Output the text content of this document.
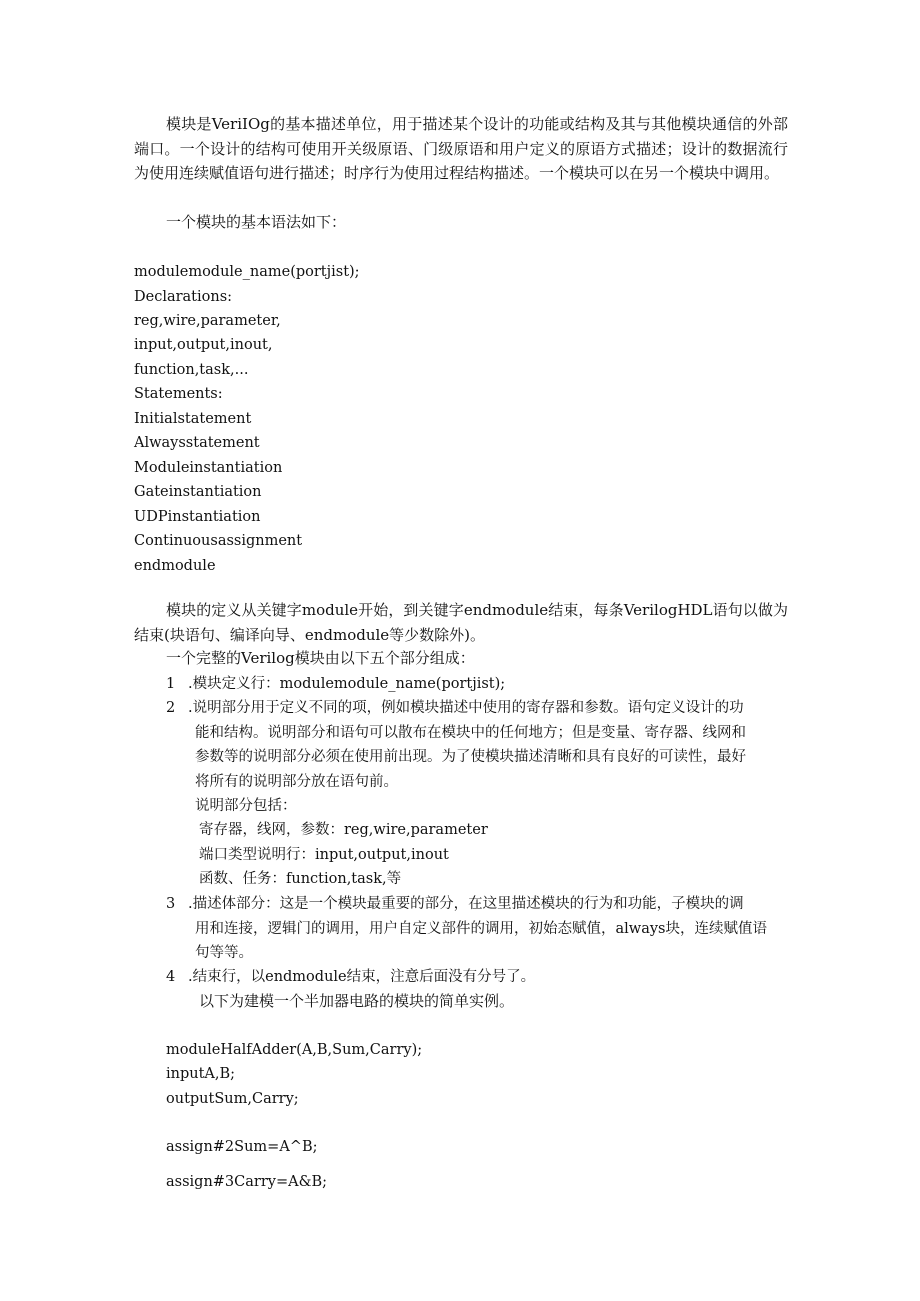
模块是VeriIOg的基本描述单位，用于描述某个设计的功能或结构及其与其他模块通信的外部端口。一个设计的结构可使用开关级原语、门级原语和用户定义的原语方式描述；设计的数据流行为使用连续赋值语句进行描述；时序行为使用过程结构描述。一个模块可以在另一个模块中调用。

一个模块的基本语法如下：

modulemodule_name(portjist);

Declarations:

reg,wire,parameter,

input,output,inout,

function,task,...

Statements:

Initialstatement

Alwaysstatement

Moduleinstantiation

Gateinstantiation

UDPinstantiation

Continuousassignment

endmodule

模块的定义从关键字module开始，到关键字endmodule结束，每条VerilogHDL语句以做为结束(块语句、编译向导、endmodule等少数除外)。

一个完整的Verilog模块由以下五个部分组成：

1 .模块定义行：modulemodule_name(portjist);

2 .说明部分用于定义不同的项，例如模块描述中使用的寄存器和参数。语句定义设计的功
能和结构。说明部分和语句可以散布在模块中的任何地方；但是变量、寄存器、线网和
参数等的说明部分必须在使用前出现。为了使模块描述清晰和具有良好的可读性，最好
将所有的说明部分放在语句前。

说明部分包括：
寄存器，线网，参数：reg,wire,parameter
端口类型说明行：input,output,inout
函数、任务：function,task,等
3 .描述体部分：这是一个模块最重要的部分，在这里描述模块的行为和功能，子模块的调
用和连接，逻辑门的调用，用户自定义部件的调用，初始态赋值，always块，连续赋值语
句等等。

4 .结束行，以endmodule结束，注意后面没有分号了。

以下为建模一个半加器电路的模块的简单实例。

moduleHalfAdder(A,B,Sum,Carry);

inputA,B;

outputSum,Carry;

assign#2Sum=A^B;

assign#3Carry=A&B;
